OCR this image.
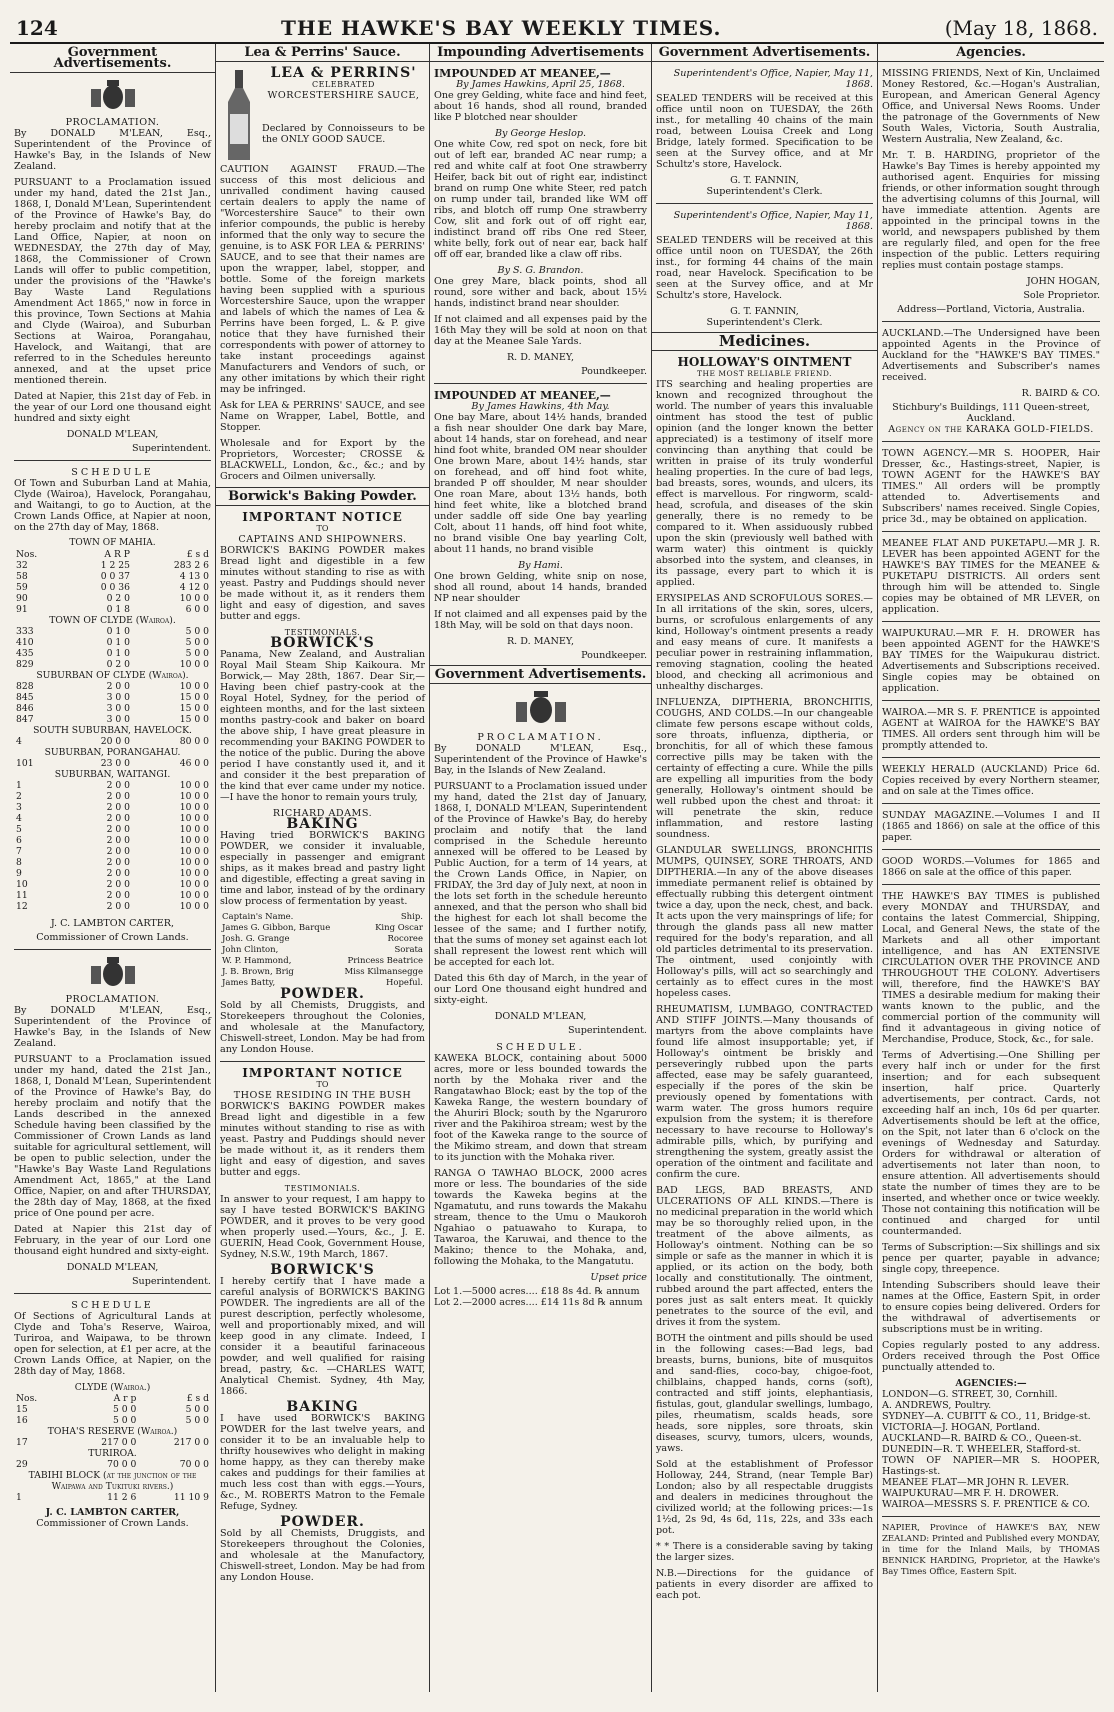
124	THE HAWKE'S BAY WEEKLY TIMES.	(May 18, 1868.
Government Advertisements.
PROCLAMATION.

By DONALD M'LEAN, Esq., Superintendent of the Province of Hawke's Bay, in the Islands of New Zealand.

PURSUANT to a Proclamation issued under my hand, dated the 21st Jan., 1868, I, Donald M'Lean, Superintendent of the Province of Hawke's Bay, do hereby proclaim and notify that at the Land Office, Napier, at noon on WEDNESDAY, the 27th day of May, 1868, the Commissioner of Crown Lands will offer to public competition, under the provisions of the "Hawke's Bay Waste Land Regulations Amendment Act 1865," now in force in this province, Town Sections at Mahia and Clyde (Wairoa), and Suburban Sections at Wairoa, Porangahau, Havelock, and Waitangi, that are referred to in the Schedules hereunto annexed, and at the upset price mentioned therein.

Dated at Napier, this 21st day of Feb. in the year of our Lord one thousand eight hundred and sixty eight

DONALD M'LEAN,
Superintendent.
SCHEDULE

Of Town and Suburban Land at Mahia, Clyde (Wairoa), Havelock, Porangahau, and Waitangi, to go to Auction, at the Crown Lands Office, at Napier at noon, on the 27th day of May, 1868.

TOWN OF MAHIA.
Nos.	A R P	£ s d
32	1 2 25	283 2 6
58	0 0 37	4 13 0
59	0 0 36	4 12 0
90	0 2 0	10 0 0
91	0 1 8	6 0 0
TOWN OF CLYDE (Wairoa).		
333	0 1 0	5 0 0
410	0 1 0	5 0 0
435	0 1 0	5 0 0
829	0 2 0	10 0 0
SUBURBAN OF CLYDE (Wairoa).		
828	2 0 0	10 0 0
845	3 0 0	15 0 0
846	3 0 0	15 0 0
847	3 0 0	15 0 0
SOUTH SUBURBAN, HAVELOCK.		
4	20 0 0	80 0 0
SUBURBAN, PORANGAHAU.		
101	23 0 0	46 0 0
SUBURBAN, WAITANGI.		
1	2 0 0	10 0 0
2	2 0 0	10 0 0
3	2 0 0	10 0 0
4	2 0 0	10 0 0
5	2 0 0	10 0 0
6	2 0 0	10 0 0
7	2 0 0	10 0 0
8	2 0 0	10 0 0
9	2 0 0	10 0 0
10	2 0 0	10 0 0
11	2 0 0	10 0 0
12	2 0 0	10 0 0
J. C. LAMBTON CARTER,
Commissioner of Crown Lands.
PROCLAMATION.

By DONALD M'LEAN, Esq., Superintendent of the Province of Hawke's Bay, in the Islands of New Zealand.

PURSUANT to a Proclamation issued under my hand, dated the 21st Jan., 1868, I, Donald M'Lean, Superintendent of the Province of Hawke's Bay, do hereby proclaim and notify that the Lands described in the annexed Schedule having been classified by the Commissioner of Crown Lands as land suitable for agricultural settlement, will be open to public selection, under the "Hawke's Bay Waste Land Regulations Amendment Act, 1865," at the Land Office, Napier, on and after THURSDAY, the 28th day of May, 1868, at the fixed price of One pound per acre.

Dated at Napier this 21st day of February, in the year of our Lord one thousand eight hundred and sixty-eight.

DONALD M'LEAN,
Superintendent.
SCHEDULE

Of Sections of Agricultural Lands at Clyde and Toha's Reserve, Wairoa, Turiroa, and Waipawa, to be thrown open for selection, at £1 per acre, at the Crown Lands Office, at Napier, on the 28th day of May, 1868.

CLYDE (Wairoa.)		
Nos.	A r p	£ s d
15	5 0 0	5 0 0
16	5 0 0	5 0 0
TOHA'S RESERVE (Wairoa.)		
17	217 0 0	217 0 0
TURIROA.		
29	70 0 0	70 0 0
TABIHI BLOCK (at the junction of the Waipawa and Tukituki rivers.)		
1	11 2 6	11 10 9
J. C. LAMBTON CARTER,
Commissioner of Crown Lands.
Lea & Perrins' Sauce.
LEA & PERRINS'
CELEBRATED
WORCESTERSHIRE SAUCE,

Declared by Connoisseurs to be the ONLY GOOD SAUCE.

CAUTION AGAINST FRAUD.—The success of this most delicious and unrivalled condiment having caused certain dealers to apply the name of "Worcestershire Sauce" to their own inferior compounds, the public is hereby informed that the only way to secure the genuine, is to ASK FOR LEA & PERRINS' SAUCE, and to see that their names are upon the wrapper, label, stopper, and bottle. Some of the foreign markets having been supplied with a spurious Worcestershire Sauce, upon the wrapper and labels of which the names of Lea & Perrins have been forged, L. & P. give notice that they have furnished their correspondents with power of attorney to take instant proceedings against Manufacturers and Vendors of such, or any other imitations by which their right may be infringed.

Ask for LEA & PERRINS' SAUCE, and see Name on Wrapper, Label, Bottle, and Stopper.

Wholesale and for Export by the Proprietors, Worcester; CROSSE & BLACKWELL, London, &c., &c.; and by Grocers and Oilmen universally.

Borwick's Baking Powder.
IMPORTANT NOTICE
TO
CAPTAINS AND SHIPOWNERS.

BORWICK'S BAKING POWDER makes Bread light and digestible in a few minutes without standing to rise as with yeast. Pastry and Puddings should never be made without it, as it renders them light and easy of digestion, and saves butter and eggs.

TESTIMONIALS.
BORWICK'S

Panama, New Zealand, and Australian Royal Mail Steam Ship Kaikoura. Mr Borwick,— May 28th, 1867. Dear Sir,—Having been chief pastry-cook at the Royal Hotel, Sydney, for the period of eighteen months, and for the last sixteen months pastry-cook and baker on board the above ship, I have great pleasure in recommending your BAKING POWDER to the notice of the public. During the above period I have constantly used it, and it and consider it the best preparation of the kind that ever came under my notice.—I have the honor to remain yours truly,

RICHARD ADAMS.
BAKING

Having tried BORWICK'S BAKING POWDER, we consider it invaluable, especially in passenger and emigrant ships, as it makes bread and pastry light and digestible, effecting a great saving in time and labor, instead of by the ordinary slow process of fermentation by yeast.

Captain's Name.	Ship.
James G. Gibbon, Barque	King Oscar
Josh. G. Grange	Rocoree
John Clinton,	Sorata
W. P. Hammond,	Princess Beatrice
J. B. Brown, Brig	Miss Kilmansegge
James Batty,	Hopeful.
POWDER.

Sold by all Chemists, Druggists, and Storekeepers throughout the Colonies, and wholesale at the Manufactory, Chiswell-street, London. May be had from any London House.

IMPORTANT NOTICE
TO
THOSE RESIDING IN THE BUSH

BORWICK'S BAKING POWDER makes Bread light and digestible in a few minutes without standing to rise as with yeast. Pastry and Puddings should never be made without it, as it renders them light and easy of digestion, and saves butter and eggs.

TESTIMONIALS.

In answer to your request, I am happy to say I have tested BORWICK'S BAKING POWDER, and it proves to be very good when properly used.—Yours, &c., J. E. GUERIN, Head Cook, Government House, Sydney, N.S.W., 19th March, 1867.

BORWICK'S

I hereby certify that I have made a careful analysis of BORWICK'S BAKING POWDER. The ingredients are all of the purest description, perfectly wholesome, well and proportionably mixed, and will keep good in any climate. Indeed, I consider it a beautiful farinaceous powder, and well qualified for raising bread, pastry, &c. —CHARLES WATT, Analytical Chemist. Sydney, 4th May, 1866.

BAKING

I have used BORWICK'S BAKING POWDER for the last twelve years, and consider it to be an invaluable help to thrifty housewives who delight in making home happy, as they can thereby make cakes and puddings for their families at much less cost than with eggs.—Yours, &c., M. ROBERTS Matron to the Female Refuge, Sydney.

POWDER.

Sold by all Chemists, Druggists, and Storekeepers throughout the Colonies, and wholesale at the Manufactory, Chiswell-street, London. May be had from any London House.

Impounding Advertisements
IMPOUNDED AT MEANEE,—
By James Hawkins, April 25, 1868.

One grey Gelding, white face and hind feet, about 16 hands, shod all round, branded like P blotched near shoulder

By George Heslop.

One white Cow, red spot on neck, fore bit out of left ear, branded AC near rump; a red and white calf at foot One strawberry Heifer, back bit out of right ear, indistinct brand on rump One white Steer, red patch on rump under tail, branded like WM off ribs, and blotch off rump One strawberry Cow, slit and fork out of off right ear, indistinct brand off ribs One red Steer, white belly, fork out of near ear, back half off off ear, branded like a claw off ribs.

By S. G. Brandon.

One grey Mare, black points, shod all round, sore wither and back, about 15½ hands, indistinct brand near shoulder.

If not claimed and all expenses paid by the 16th May they will be sold at noon on that day at the Meanee Sale Yards.

R. D. MANEY,
Poundkeeper.
IMPOUNDED AT MEANEE,—
By James Hawkins, 4th May.

One bay Mare, about 14½ hands, branded a fish near shoulder One dark bay Mare, about 14 hands, star on forehead, and near hind foot white, branded OM near shoulder One brown Mare, about 14½ hands, star on forehead, and off hind foot white, branded P off shoulder, M near shoulder One roan Mare, about 13½ hands, both hind feet white, like a blotched brand under saddle off side One bay yearling Colt, about 11 hands, off hind foot white, no brand visible One bay yearling Colt, about 11 hands, no brand visible

By Hami.

One brown Gelding, white snip on nose, shod all round, about 14 hands, branded NP near shoulder

If not claimed and all expenses paid by the 18th May, will be sold on that days noon.

R. D. MANEY,
Poundkeeper.
Government Advertisements.
PROCLAMATION.

By DONALD M'LEAN, Esq., Superintendent of the Province of Hawke's Bay, in the Islands of New Zealand.

PURSUANT to a Proclamation issued under my hand, dated the 21st day of January, 1868, I, DONALD M'LEAN, Superintendent of the Province of Hawke's Bay, do hereby proclaim and notify that the land comprised in the Schedule hereunto annexed will be offered to be Leased by Public Auction, for a term of 14 years, at the Crown Lands Office, in Napier, on FRIDAY, the 3rd day of July next, at noon in the lots set forth in the schedule hereunto annexed, and that the person who shall bid the highest for each lot shall become the lessee of the same; and I further notify, that the sums of money set against each lot shall represent the lowest rent which will be accepted for each lot.

Dated this 6th day of March, in the year of our Lord One thousand eight hundred and sixty-eight.

DONALD M'LEAN,
Superintendent.
SCHEDULE.

KAWEKA BLOCK, containing about 5000 acres, more or less bounded towards the north by the Mohaka river and the Rangatawhao Block; east by the top of the Kaweka Range, the western boundary of the Ahuriri Block; south by the Ngaruroro river and the Pakihiroa stream; west by the foot of the Kaweka range to the source of the Mikimo stream, and down that stream to its junction with the Mohaka river.

RANGA O TAWHAO BLOCK, 2000 acres more or less. The boundaries of the side towards the Kaweka begins at the Ngamatutu, and runs towards the Makahu stream, thence to the Umu o Maukoroh Ngahiao o patuawaho to Kurapa, to Tawaroa, the Karuwai, and thence to the Makino; thence to the Mohaka, and, following the Mohaka, to the Mangatutu.

Upset price
Lot 1.—5000 acres.... £18 8s 4d. ℞ annum
Lot 2.—2000 acres.... £14 11s 8d ℞ annum
Government Advertisements.
Superintendent's Office, Napier, May 11, 1868.

SEALED TENDERS will be received at this office until noon on TUESDAY, the 26th inst., for metalling 40 chains of the main road, between Louisa Creek and Long Bridge, lately formed. Specification to be seen at the Survey office, and at Mr Schultz's store, Havelock.

G. T. FANNIN,
Superintendent's Clerk.
Superintendent's Office, Napier, May 11, 1868.

SEALED TENDERS will be received at this office until noon on TUESDAY, the 26th inst., for forming 44 chains of the main road, near Havelock. Specification to be seen at the Survey office, and at Mr Schultz's store, Havelock.

G. T. FANNIN,
Superintendent's Clerk.
Medicines.
HOLLOWAY'S OINTMENT
THE MOST RELIABLE FRIEND.

ITS searching and healing properties are known and recognized throughout the world. The number of years this invaluable ointment has stood the test of public opinion (and the longer known the better appreciated) is a testimony of itself more convincing than anything that could be written in praise of its truly wonderful healing properties. In the cure of bad legs, bad breasts, sores, wounds, and ulcers, its effect is marvellous. For ringworm, scald-head, scrofula, and diseases of the skin generally, there is no remedy to be compared to it. When assiduously rubbed upon the skin (previously well bathed with warm water) this ointment is quickly absorbed into the system, and cleanses, in its passage, every part to which it is applied.

ERYSIPELAS AND SCROFULOUS SORES.—In all irritations of the skin, sores, ulcers, burns, or scrofulous enlargements of any kind, Holloway's ointment presents a ready and easy means of cure. It manifests a peculiar power in restraining inflammation, removing stagnation, cooling the heated blood, and checking all acrimonious and unhealthy discharges.

INFLUENZA, DIPTHERIA, BRONCHITIS, COUGHS, AND COLDS.—In our changeable climate few persons escape without colds, sore throats, influenza, diptheria, or bronchitis, for all of which these famous corrective pills may be taken with the certainty of effecting a cure. While the pills are expelling all impurities from the body generally, Holloway's ointment should be well rubbed upon the chest and throat: it will penetrate the skin, reduce inflammation, and restore lasting soundness.

GLANDULAR SWELLINGS, BRONCHITIS MUMPS, QUINSEY, SORE THROATS, AND DIPTHERIA.—In any of the above diseases immediate permanent relief is obtained by effectually rubbing this detergent ointment twice a day, upon the neck, chest, and back. It acts upon the very mainsprings of life; for through the glands pass all new matter required for the body's reparation, and all old particles detrimental to its preservation. The ointment, used conjointly with Holloway's pills, will act so searchingly and certainly as to effect cures in the most hopeless cases.

RHEUMATISM, LUMBAGO, CONTRACTED AND STIFF JOINTS.—Many thousands of martyrs from the above complaints have found life almost insupportable; yet, if Holloway's ointment be briskly and perseveringly rubbed upon the parts affected, ease may be safely guaranteed, especially if the pores of the skin be previously opened by fomentations with warm water. The gross humors require expulsion from the system; it is therefore necessary to have recourse to Holloway's admirable pills, which, by purifying and strengthening the system, greatly assist the operation of the ointment and facilitate and confirm the cure.

BAD LEGS, BAD BREASTS, AND ULCERATIONS OF ALL KINDS.—There is no medicinal preparation in the world which may be so thoroughly relied upon, in the treatment of the above ailments, as Holloway's ointment. Nothing can be so simple or safe as the manner in which it is applied, or its action on the body, both locally and constitutionally. The ointment, rubbed around the part affected, enters the pores just as salt enters meat. It quickly penetrates to the source of the evil, and drives it from the system.

BOTH the ointment and pills should be used in the following cases:—Bad legs, bad breasts, burns, bunions, bite of musquitos and sand-flies, coco-bay, chigoe-foot, chilblains, chapped hands, corns (soft), contracted and stiff joints, elephantiasis, fistulas, gout, glandular swellings, lumbago, piles, rheumatism, scalds heads, sore heads, sore nipples, sore throats, skin diseases, scurvy, tumors, ulcers, wounds, yaws.

Sold at the establishment of Professor Holloway, 244, Strand, (near Temple Bar) London; also by all respectable druggists and dealers in medicines throughout the civilized world; at the following prices:—1s 1½d, 2s 9d, 4s 6d, 11s, 22s, and 33s each pot.

* * There is a considerable saving by taking the larger sizes.

N.B.—Directions for the guidance of patients in every disorder are affixed to each pot.

Agencies.

MISSING FRIENDS, Next of Kin, Unclaimed Money Restored, &c.—Hogan's Australian, European, and American General Agency Office, and Universal News Rooms. Under the patronage of the Governments of New South Wales, Victoria, South Australia, Western Australia, New Zealand, &c.

Mr. T. B. HARDING, proprietor of the Hawke's Bay Times is hereby appointed my authorised agent. Enquiries for missing friends, or other information sought through the advertising columns of this Journal, will have immediate attention. Agents are appointed in the principal towns in the world, and newspapers published by them are regularly filed, and open for the free inspection of the public. Letters requiring replies must contain postage stamps.

JOHN HOGAN,
Sole Proprietor.
Address—Portland, Victoria, Australia.

AUCKLAND.—The Undersigned have been appointed Agents in the Province of Auckland for the "HAWKE'S BAY TIMES." Advertisements and Subscriber's names received.

R. BAIRD & CO.
Stichbury's Buildings, 111 Queen-street, Auckland.
Agency on the KARAKA GOLD-FIELDS.

TOWN AGENCY.—MR S. HOOPER, Hair Dresser, &c., Hastings-street, Napier, is TOWN AGENT for the HAWKE'S BAY TIMES." All orders will be promptly attended to. Advertisements and Subscribers' names received. Single Copies, price 3d., may be obtained on application.

MEANEE FLAT AND PUKETAPU.—MR J. R. LEVER has been appointed AGENT for the HAWKE'S BAY TIMES for the MEANEE & PUKETAPU DISTRICTS. All orders sent through him will be attended to. Single copies may be obtained of MR LEVER, on application.

WAIPUKURAU.—MR F. H. DROWER has been appointed AGENT for the HAWKE'S BAY TIMES for the Waipukurau district. Advertisements and Subscriptions received. Single copies may be obtained on application.

WAIROA.—MR S. F. PRENTICE is appointed AGENT at WAIROA for the HAWKE'S BAY TIMES. All orders sent through him will be promptly attended to.

WEEKLY HERALD (AUCKLAND) Price 6d. Copies received by every Northern steamer, and on sale at the Times office.

SUNDAY MAGAZINE.—Volumes I and II (1865 and 1866) on sale at the office of this paper.

GOOD WORDS.—Volumes for 1865 and 1866 on sale at the office of this paper.

THE HAWKE'S BAY TIMES is published every MONDAY and THURSDAY, and contains the latest Commercial, Shipping, Local, and General News, the state of the Markets and all other important intelligence, and has AN EXTENSIVE CIRCULATION OVER THE PROVINCE AND THROUGHOUT THE COLONY. Advertisers will, therefore, find the HAWKE'S BAY TIMES a desirable medium for making their wants known to the public, and the commercial portion of the community will find it advantageous in giving notice of Merchandise, Produce, Stock, &c., for sale.

Terms of Advertising.—One Shilling per every half inch or under for the first insertion; and for each subsequent insertion, half price. Quarterly advertisements, per contract. Cards, not exceeding half an inch, 10s 6d per quarter. Advertisements should be left at the office, on the Spit, not later than 6 o'clock on the evenings of Wednesday and Saturday. Orders for withdrawal or alteration of advertisements not later than noon, to ensure attention. All advertisements should state the number of times they are to be inserted, and whether once or twice weekly. Those not containing this notification will be continued and charged for until countermanded.

Terms of Subscription:—Six shillings and six pence per quarter, payable in advance; single copy, threepence.

Intending Subscribers should leave their names at the Office, Eastern Spit, in order to ensure copies being delivered. Orders for the withdrawal of advertisements or subscriptions must be in writing.

Copies regularly posted to any address. Orders received through the Post Office punctually attended to.

AGENCIES:—
LONDON—G. STREET, 30, Cornhill.
A. ANDREWS, Poultry.
SYDNEY—A. CUBITT & CO., 11, Bridge-st.
VICTORIA—J. HOGAN, Portland.
AUCKLAND—R. BAIRD & CO., Queen-st.
DUNEDIN—R. T. WHEELER, Stafford-st.
TOWN OF NAPIER—MR S. HOOPER, Hastings-st.
MEANEE FLAT—MR JOHN R. LEVER.
WAIPUKURAU—MR F. H. DROWER.
WAIROA—MESSRS S. F. PRENTICE & CO.

NAPIER, Province of HAWKE'S BAY, NEW ZEALAND: Printed and Published every MONDAY, in time for the Inland Mails, by THOMAS BENNICK HARDING, Proprietor, at the Hawke's Bay Times Office, Eastern Spit.
